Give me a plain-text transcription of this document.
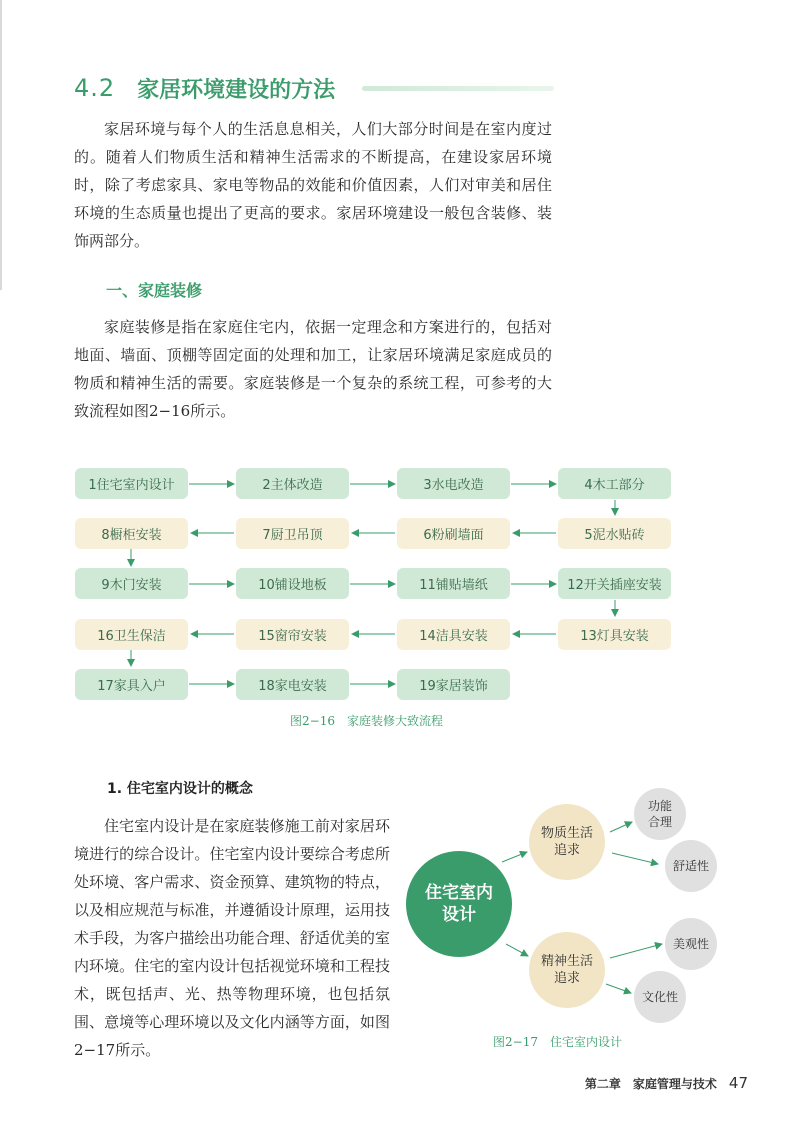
4.2 家居环境建设的方法
家居环境与每个人的生活息息相关，人们大部分时间是在室内度过的。随着人们物质生活和精神生活需求的不断提高，在建设家居环境时，除了考虑家具、家电等物品的效能和价值因素，人们对审美和居住环境的生态质量也提出了更高的要求。家居环境建设一般包含装修、装饰两部分。
一、家庭装修
家庭装修是指在家庭住宅内，依据一定理念和方案进行的，包括对地面、墙面、顶棚等固定面的处理和加工，让家居环境满足家庭成员的物质和精神生活的需要。家庭装修是一个复杂的系统工程，可参考的大致流程如图2−16所示。
1住宅室内设计	2主体改造	3水电改造	4木工部分
5泥水贴砖
6粉刷墙面
7厨卫吊顶
8橱柜安装
9木门安装	10铺设地板	11铺贴墙纸	12开关插座安装
13灯具安装
14洁具安装
15窗帘安装
16卫生保洁
17家具入户	18家电安装	19家居装饰
图2−16　家庭装修大致流程
1. 住宅室内设计的概念
住宅室内设计是在家庭装修施工前对家居环境进行的综合设计。住宅室内设计要综合考虑所处环境、客户需求、资金预算、建筑物的特点，以及相应规范与标准，并遵循设计原理，运用技术手段，为客户描绘出功能合理、舒适优美的室内环境。住宅的室内设计包括视觉环境和工程技术，既包括声、光、热等物理环境，也包括氛围、意境等心理环境以及文化内涵等方面，如图2−17所示。
住宅室内
设计
物质生活
追求
精神生活
追求
功能
合理
舒适性
美观性
文化性
图2−17　住宅室内设计
第二章　家庭管理与技术 47
